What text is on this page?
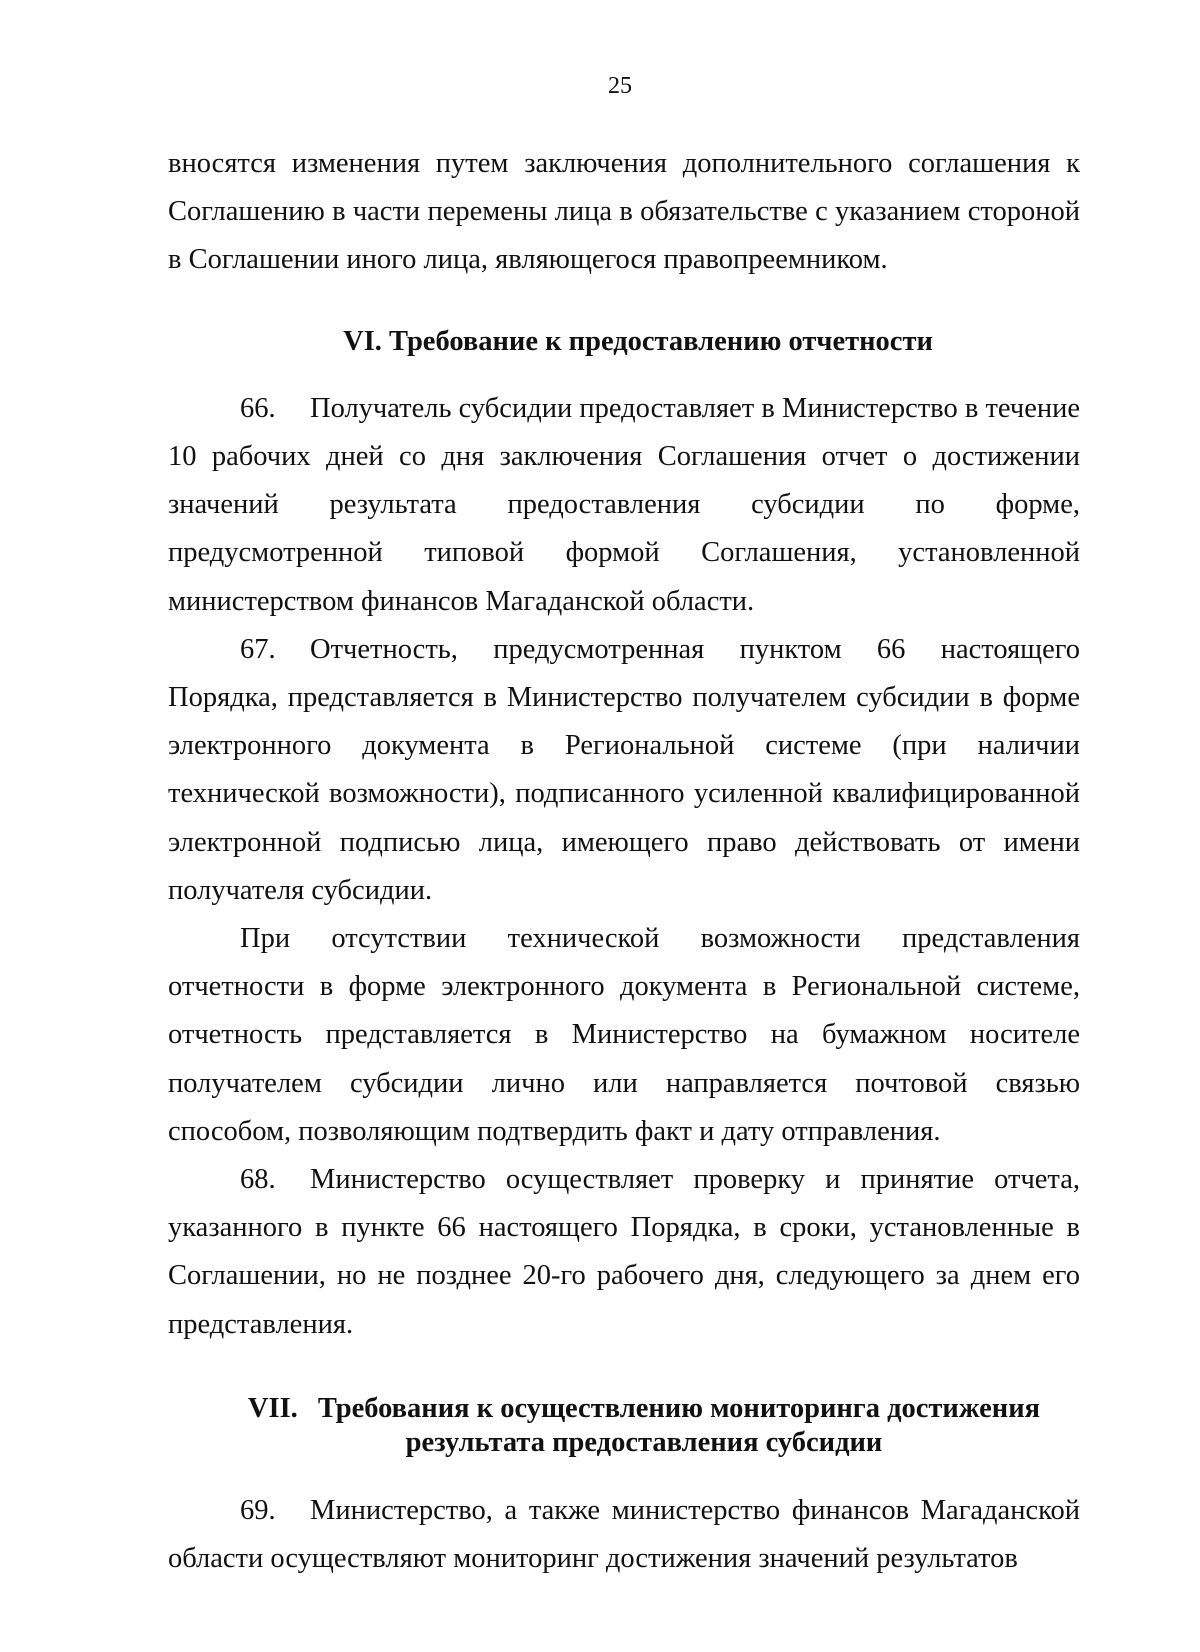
25

вносятся изменения путем заключения дополнительного соглашения к Соглашению в части перемены лица в обязательстве с указанием стороной в Соглашении иного лица, являющегося правопреемником.

VI. Требование к предоставлению отчетности

66. Получатель субсидии предоставляет в Министерство в течение 10 рабочих дней со дня заключения Соглашения отчет о достижении значений результата предоставления субсидии по форме, предусмотренной типовой формой Соглашения, установленной министерством финансов Магаданской области.

67. Отчетность, предусмотренная пунктом 66 настоящего Порядка, представляется в Министерство получателем субсидии в форме электронного документа в Региональной системе (при наличии технической возможности), подписанного усиленной квалифицированной электронной подписью лица, имеющего право действовать от имени получателя субсидии.

При отсутствии технической возможности представления отчетности в форме электронного документа в Региональной системе, отчетность представляется в Министерство на бумажном носителе получателем субсидии лично или направляется почтовой связью способом, позволяющим подтвердить факт и дату отправления.

68. Министерство осуществляет проверку и принятие отчета, указанного в пункте 66 настоящего Порядка, в сроки, установленные в Соглашении, но не позднее 20-го рабочего дня, следующего за днем его представления.

VII. Требования к осуществлению мониторинга достижения
результата предоставления субсидии

69. Министерство, а также министерство финансов Магаданской области осуществляют мониторинг достижения значений результатов
